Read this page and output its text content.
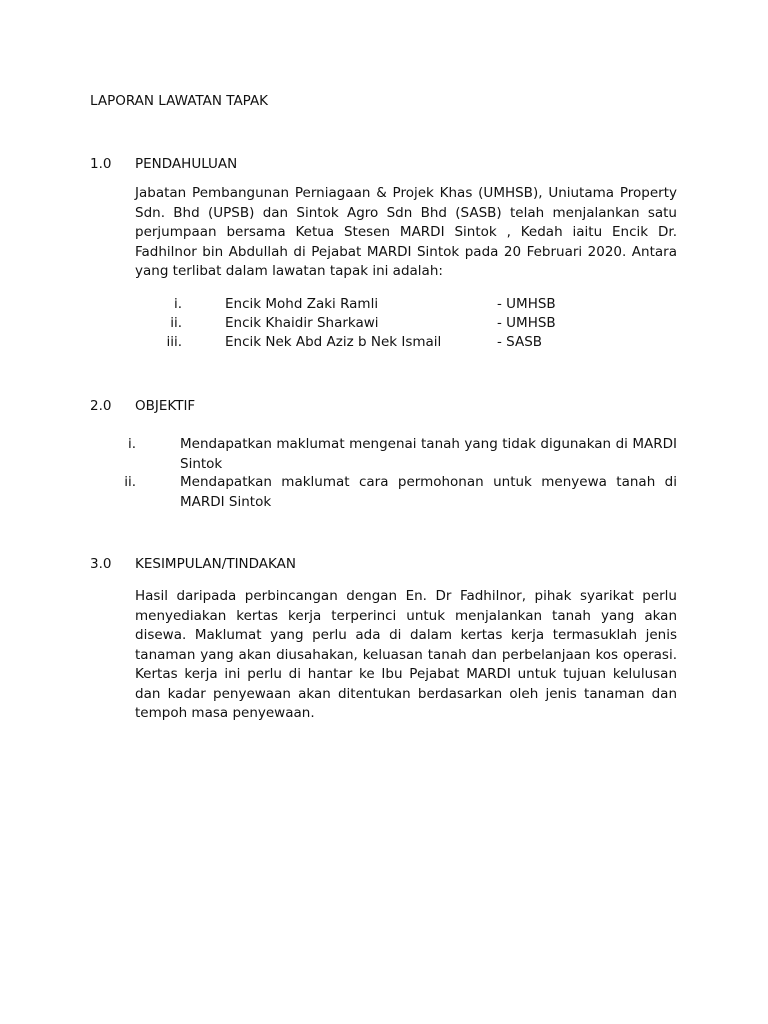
LAPORAN LAWATAN TAPAK
1.0 PENDAHULUAN

Jabatan Pembangunan Perniagaan & Projek Khas (UMHSB), Uniutama Property Sdn. Bhd (UPSB) dan Sintok Agro Sdn Bhd (SASB) telah menjalankan satu perjumpaan bersama Ketua Stesen MARDI Sintok , Kedah iaitu Encik Dr. Fadhilnor bin Abdullah di Pejabat MARDI Sintok pada 20 Februari 2020. Antara yang terlibat dalam lawatan tapak ini adalah:

i.	Encik Mohd Zaki Ramli	- UMHSB
ii.	Encik Khaidir Sharkawi	- UMHSB
iii.	Encik Nek Abd Aziz b Nek Ismail	- SASB
2.0 OBJEKTIF
i.	Mendapatkan maklumat mengenai tanah yang tidak digunakan di MARDI Sintok

ii.	Mendapatkan maklumat cara permohonan untuk menyewa tanah di MARDI Sintok

3.0 KESIMPULAN/TINDAKAN

Hasil daripada perbincangan dengan En. Dr Fadhilnor, pihak syarikat perlu menyediakan kertas kerja terperinci untuk menjalankan tanah yang akan disewa. Maklumat yang perlu ada di dalam kertas kerja termasuklah jenis tanaman yang akan diusahakan, keluasan tanah dan perbelanjaan kos operasi. Kertas kerja ini perlu di hantar ke Ibu Pejabat MARDI untuk tujuan kelulusan dan kadar penyewaan akan ditentukan berdasarkan oleh jenis tanaman dan tempoh masa penyewaan.
